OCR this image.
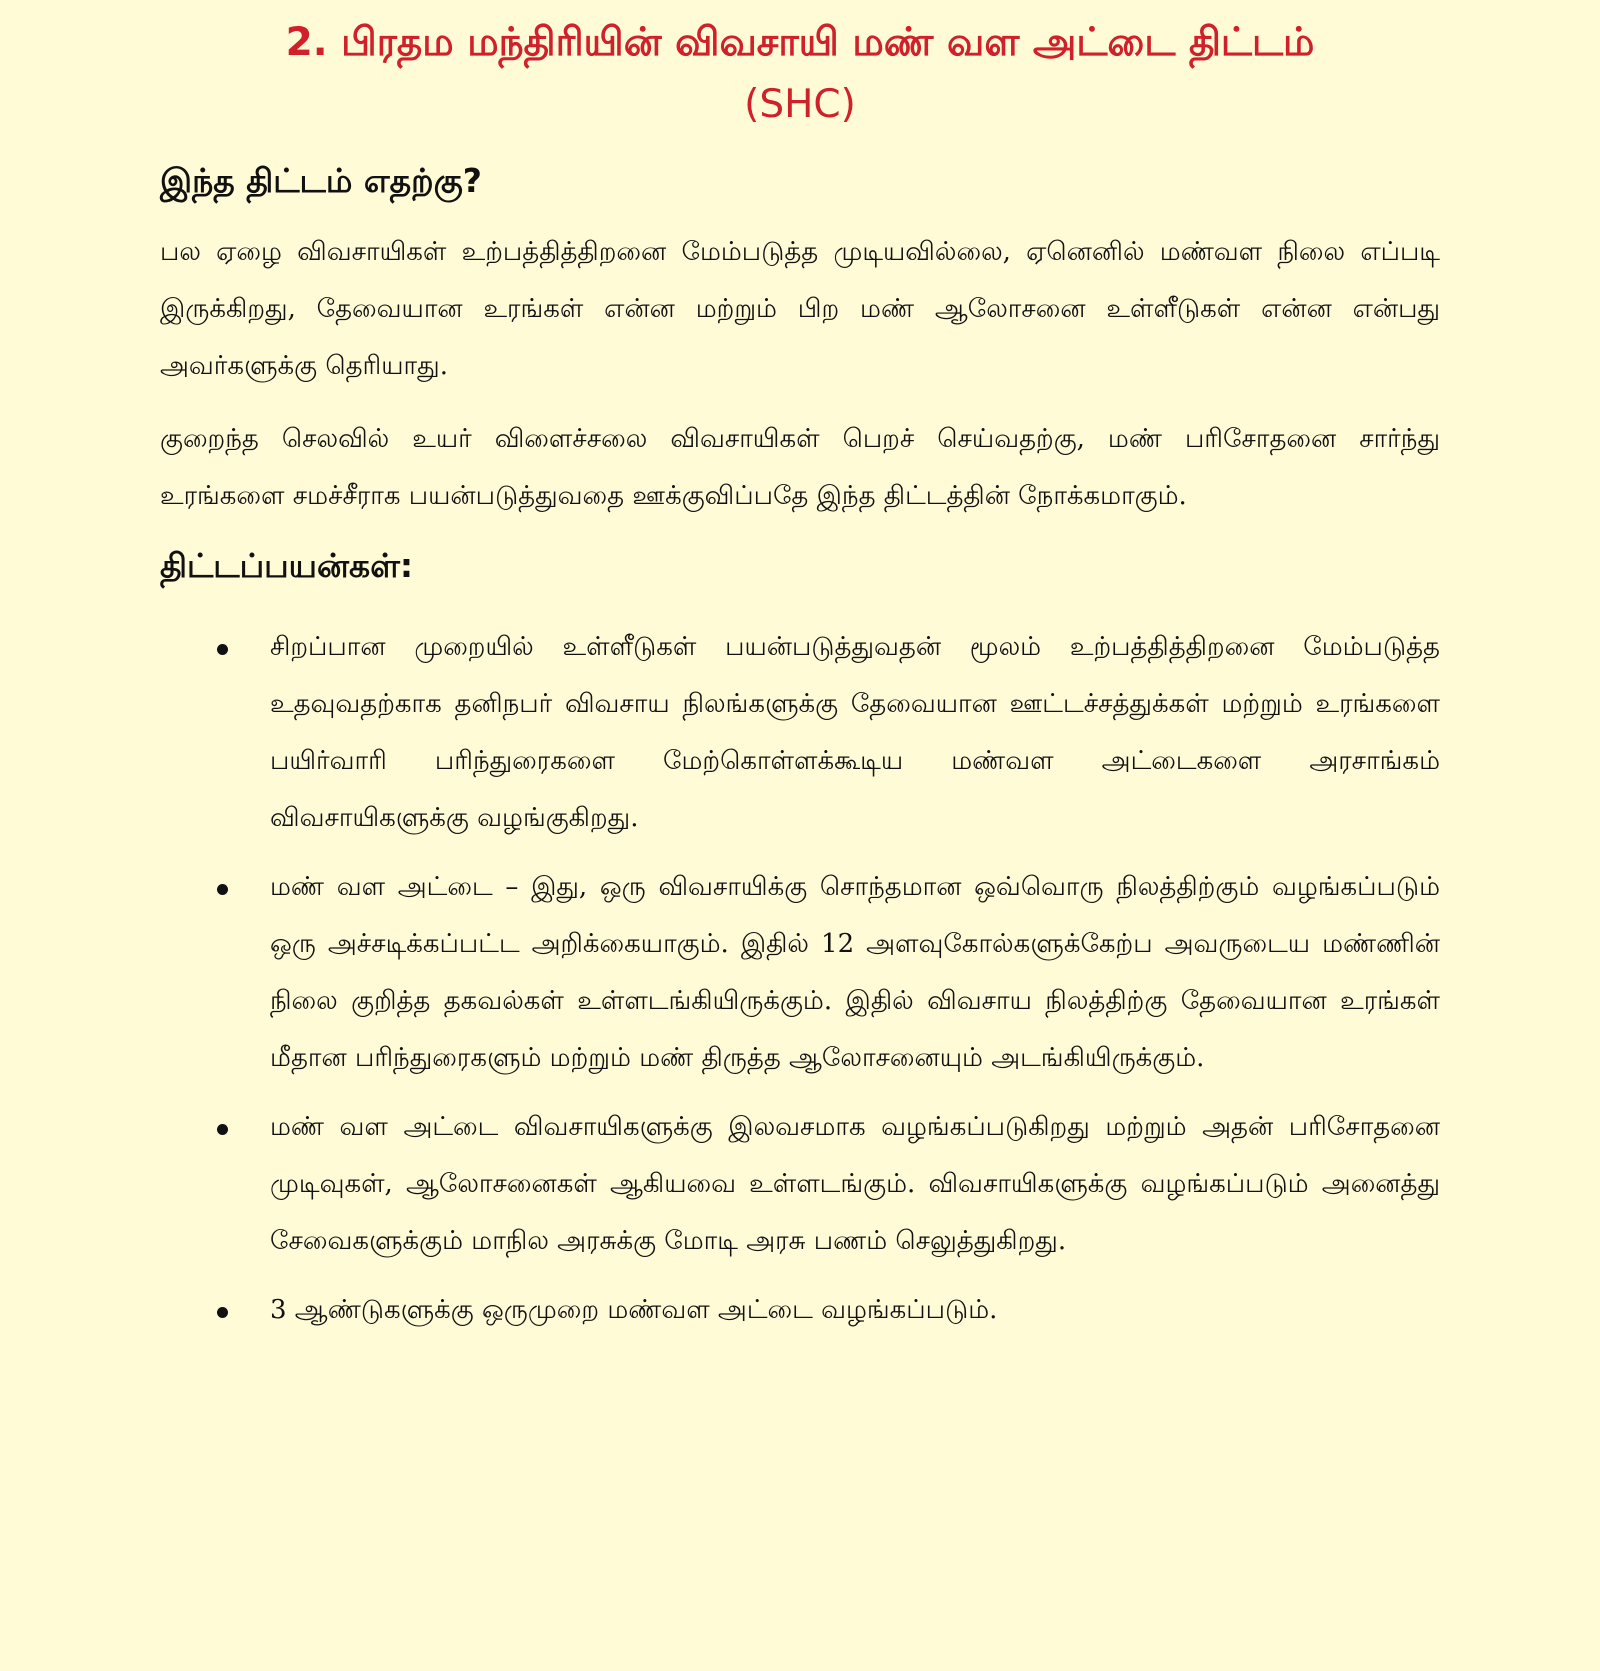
2. பிரதம மந்திரியின் விவசாயி மண் வள அட்டை திட்டம்
(SHC)
இந்த திட்டம் எதற்கு?

பல ஏழை விவசாயிகள் உற்பத்தித்திறனை மேம்படுத்த முடியவில்லை, ஏனெனில் மண்வள நிலை எப்படி இருக்கிறது, தேவையான உரங்கள் என்ன மற்றும் பிற மண் ஆலோசனை உள்ளீடுகள் என்ன என்பது அவர்களுக்கு தெரியாது.

குறைந்த செலவில் உயர் விளைச்சலை விவசாயிகள் பெறச் செய்வதற்கு, மண் பரிசோதனை சார்ந்து உரங்களை சமச்சீராக பயன்படுத்துவதை ஊக்குவிப்பதே இந்த திட்டத்தின் நோக்கமாகும்.

திட்டப்பயன்கள்:
சிறப்பான முறையில் உள்ளீடுகள் பயன்படுத்துவதன் மூலம் உற்பத்தித்திறனை மேம்படுத்த உதவுவதற்காக தனிநபர் விவசாய நிலங்களுக்கு தேவையான ஊட்டச்சத்துக்கள் மற்றும் உரங்களை பயிர்வாரி பரிந்துரைகளை மேற்கொள்ளக்கூடிய மண்வள அட்டைகளை அரசாங்கம் விவசாயிகளுக்கு வழங்குகிறது.
மண் வள அட்டை – இது, ஒரு விவசாயிக்கு சொந்தமான ஒவ்வொரு நிலத்திற்கும் வழங்கப்படும் ஒரு அச்சடிக்கப்பட்ட அறிக்கையாகும். இதில் 12 அளவுகோல்களுக்கேற்ப அவருடைய மண்ணின் நிலை குறித்த தகவல்கள் உள்ளடங்கியிருக்கும். இதில் விவசாய நிலத்திற்கு தேவையான உரங்கள் மீதான பரிந்துரைகளும் மற்றும் மண் திருத்த ஆலோசனையும் அடங்கியிருக்கும்.
மண் வள அட்டை விவசாயிகளுக்கு இலவசமாக வழங்கப்படுகிறது மற்றும் அதன் பரிசோதனை முடிவுகள், ஆலோசனைகள் ஆகியவை உள்ளடங்கும். விவசாயிகளுக்கு வழங்கப்படும் அனைத்து சேவைகளுக்கும் மாநில அரசுக்கு மோடி அரசு பணம் செலுத்துகிறது.
3 ஆண்டுகளுக்கு ஒருமுறை மண்வள அட்டை வழங்கப்படும்.
